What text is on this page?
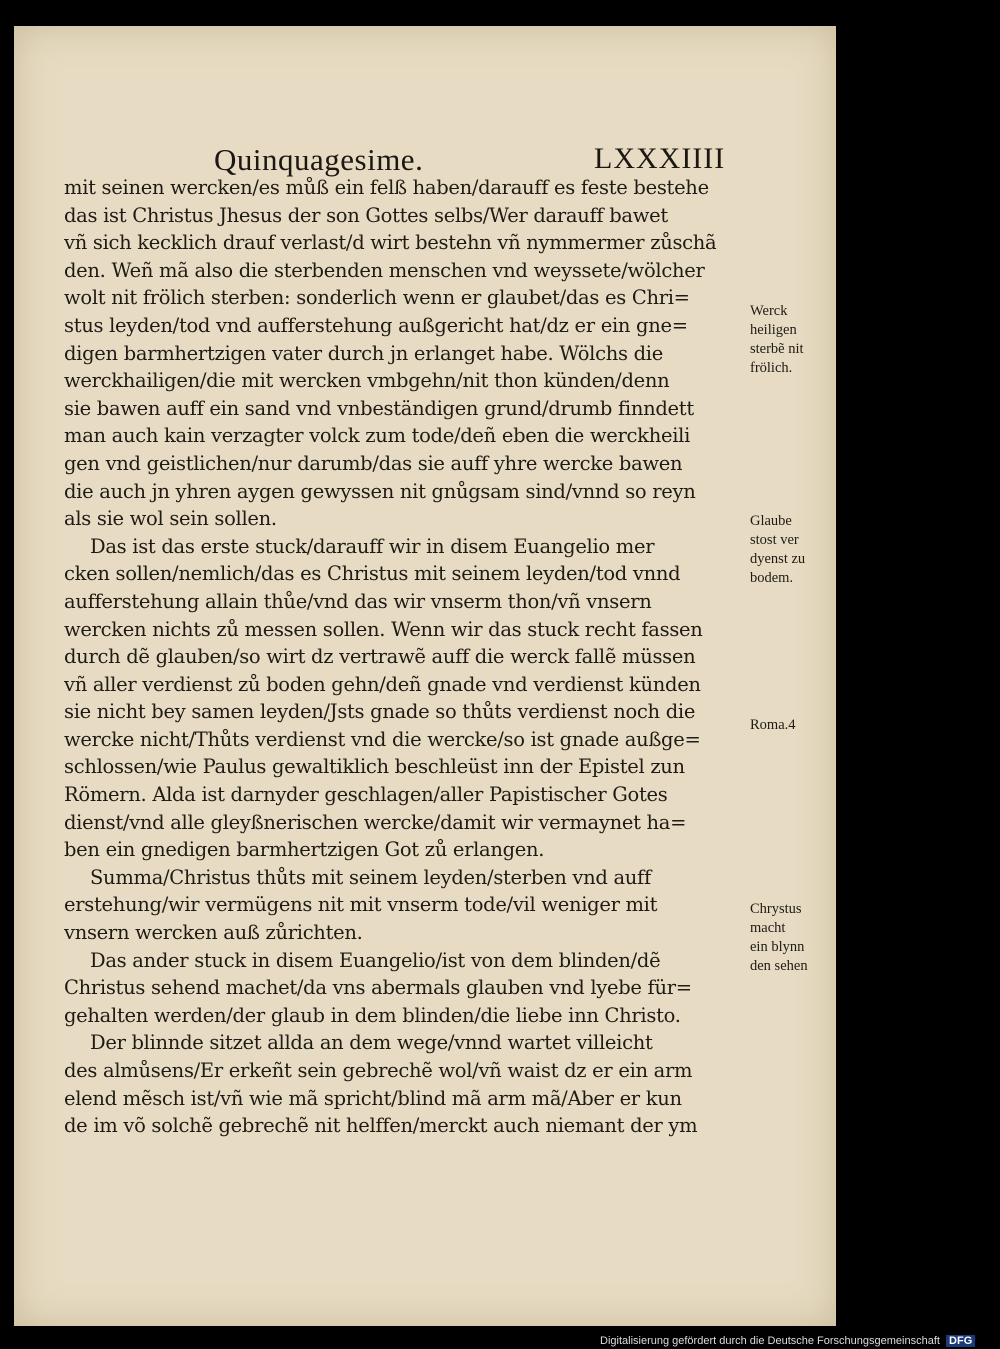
Quinquagesime.	LXXXIIII
mit seinen wercken/es můß ein felß haben/darauff es feste bestehe
das ist Christus Jhesus der son Gottes selbs/Wer darauff bawet
vñ sich kecklich drauf verlast/d wirt bestehn vñ nymmermer zůschã
den. Weñ mã also die sterbenden menschen vnd weyssete/wölcher
wolt nit frölich sterben: sonderlich wenn er glaubet/das es Chri=
stus leyden/tod vnd aufferstehung außgericht hat/dz er ein gne=
digen barmhertzigen vater durch jn erlanget habe. Wölchs die
werckhailigen/die mit wercken vmbgehn/nit thon künden/denn
sie bawen auff ein sand vnd vnbeständigen grund/drumb finndett
man auch kain verzagter volck zum tode/deñ eben die werckheili
gen vnd geistlichen/nur darumb/das sie auff yhre wercke bawen
die auch jn yhren aygen gewyssen nit gnůgsam sind/vnnd so reyn
als sie wol sein sollen.
Das ist das erste stuck/darauff wir in disem Euangelio mer
cken sollen/nemlich/das es Christus mit seinem leyden/tod vnnd
aufferstehung allain thůe/vnd das wir vnserm thon/vñ vnsern
wercken nichts zů messen sollen. Wenn wir das stuck recht fassen
durch dẽ glauben/so wirt dz vertrawẽ auff die werck fallẽ müssen
vñ aller verdienst zů boden gehn/deñ gnade vnd verdienst künden
sie nicht bey samen leyden/Jsts gnade so thůts verdienst noch die
wercke nicht/Thůts verdienst vnd die wercke/so ist gnade außge=
schlossen/wie Paulus gewaltiklich beschleüst inn der Epistel zun
Römern. Alda ist darnyder geschlagen/aller Papistischer Gotes
dienst/vnd alle gleyßnerischen wercke/damit wir vermaynet ha=
ben ein gnedigen barmhertzigen Got zů erlangen.
Summa/Christus thůts mit seinem leyden/sterben vnd auff
erstehung/wir vermügens nit mit vnserm tode/vil weniger mit
vnsern wercken auß zůrichten.
Das ander stuck in disem Euangelio/ist von dem blinden/dẽ
Christus sehend machet/da vns abermals glauben vnd lyebe für=
gehalten werden/der glaub in dem blinden/die liebe inn Christo.
Der blinnde sitzet allda an dem wege/vnnd wartet villeicht
des almůsens/Er erkeñt sein gebrechẽ wol/vñ waist dz er ein arm
elend mẽsch ist/vñ wie mã spricht/blind mã arm mã/Aber er kun
de im võ solchẽ gebrechẽ nit helffen/merckt auch niemant der ym
Werck
heiligen
sterbẽ nit
frölich.
Glaube
stost ver
dyenst zu
bodem.
Roma.4
Chrystus
macht
ein blynn
den sehen
Digitalisierung gefördert durch die Deutsche Forschungsgemeinschaft DFG
